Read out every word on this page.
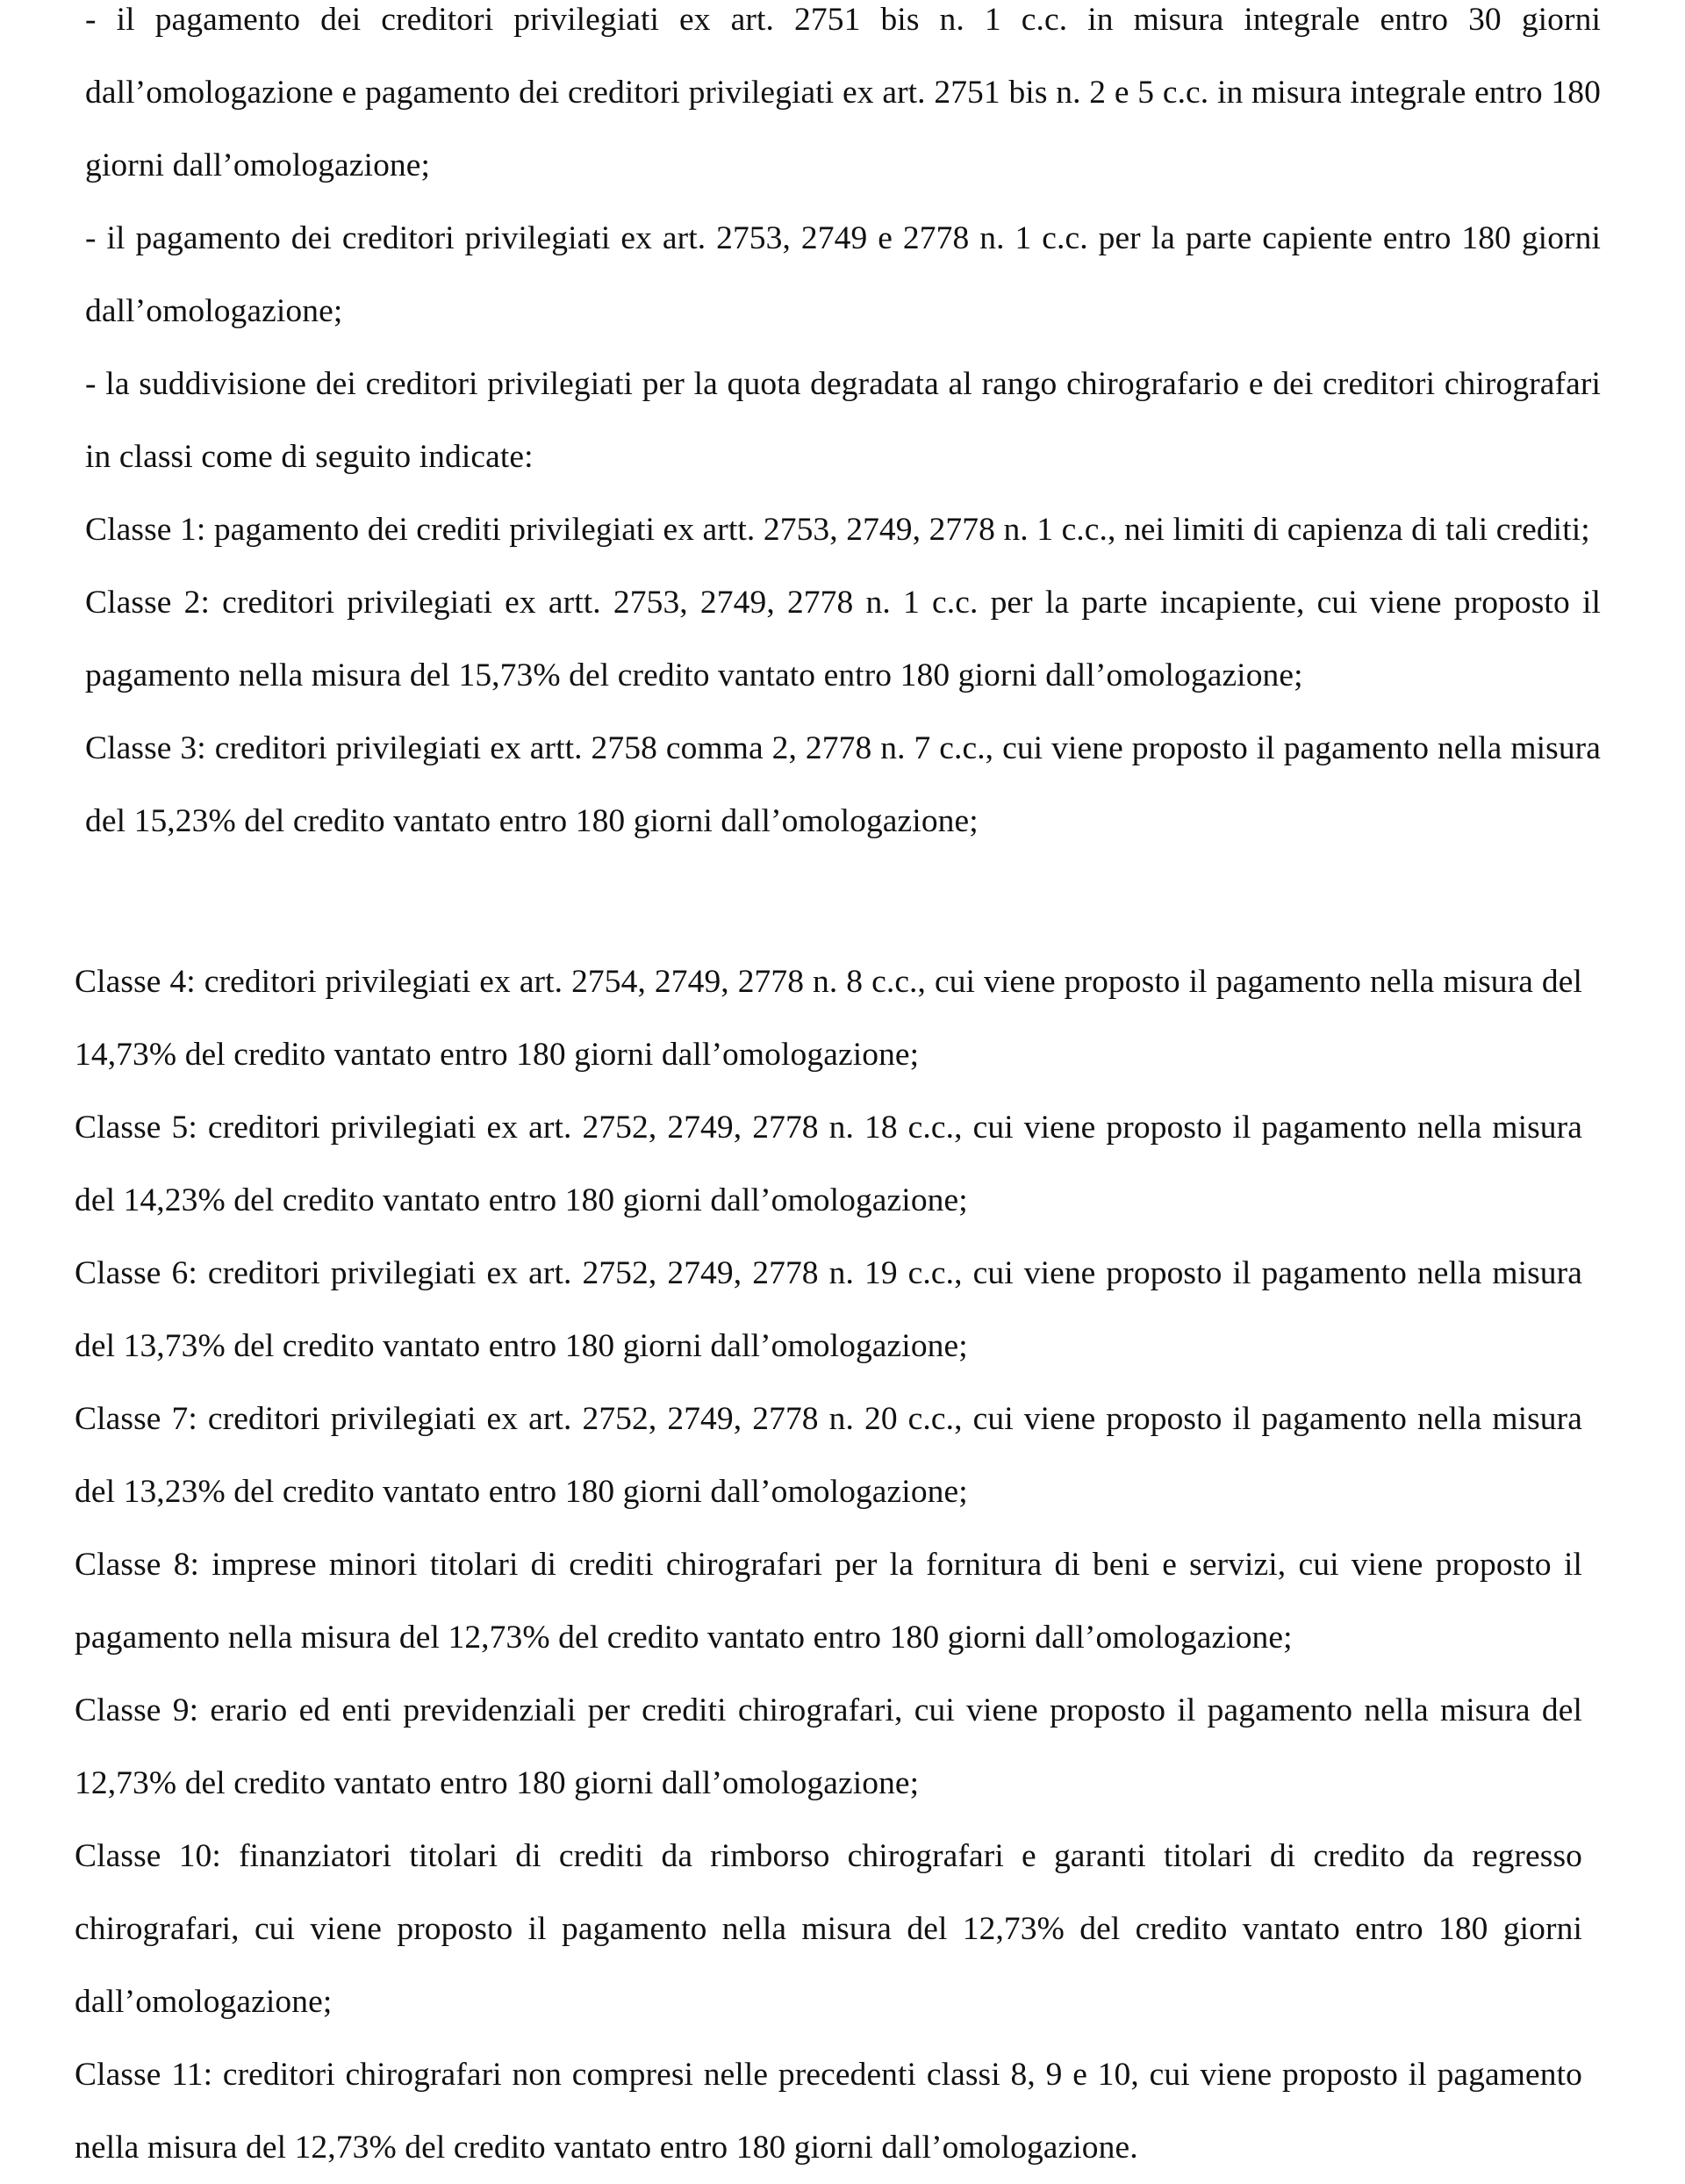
- il pagamento dei creditori privilegiati ex art. 2751 bis n. 1 c.c. in misura integrale entro 30 giorni dall’omologazione e pagamento dei creditori privilegiati ex art. 2751 bis n. 2 e 5 c.c. in misura integrale entro 180 giorni dall’omologazione;

- il pagamento dei creditori privilegiati ex art. 2753, 2749 e 2778 n. 1 c.c. per la parte capiente entro 180 giorni dall’omologazione;

- la suddivisione dei creditori privilegiati per la quota degradata al rango chirografario e dei creditori chirografari in classi come di seguito indicate:

Classe 1: pagamento dei crediti privilegiati ex artt. 2753, 2749, 2778 n. 1 c.c., nei limiti di capienza di tali crediti;

Classe 2: creditori privilegiati ex artt. 2753, 2749, 2778 n. 1 c.c. per la parte incapiente, cui viene proposto il pagamento nella misura del 15,73% del credito vantato entro 180 giorni dall’omologazione;

Classe 3: creditori privilegiati ex artt. 2758 comma 2, 2778 n. 7 c.c., cui viene proposto il pagamento nella misura del 15,23% del credito vantato entro 180 giorni dall’omologazione;

Classe 4: creditori privilegiati ex art. 2754, 2749, 2778 n. 8 c.c., cui viene proposto il pagamento nella misura del 14,73% del credito vantato entro 180 giorni dall’omologazione;

Classe 5: creditori privilegiati ex art. 2752, 2749, 2778 n. 18 c.c., cui viene proposto il pagamento nella misura del 14,23% del credito vantato entro 180 giorni dall’omologazione;

Classe 6: creditori privilegiati ex art. 2752, 2749, 2778 n. 19 c.c., cui viene proposto il pagamento nella misura del 13,73% del credito vantato entro 180 giorni dall’omologazione;

Classe 7: creditori privilegiati ex art. 2752, 2749, 2778 n. 20 c.c., cui viene proposto il pagamento nella misura del 13,23% del credito vantato entro 180 giorni dall’omologazione;

Classe 8: imprese minori titolari di crediti chirografari per la fornitura di beni e servizi, cui viene proposto il pagamento nella misura del 12,73% del credito vantato entro 180 giorni dall’omologazione;

Classe 9: erario ed enti previdenziali per crediti chirografari, cui viene proposto il pagamento nella misura del 12,73% del credito vantato entro 180 giorni dall’omologazione;

Classe 10: finanziatori titolari di crediti da rimborso chirografari e garanti titolari di credito da regresso chirografari, cui viene proposto il pagamento nella misura del 12,73% del credito vantato entro 180 giorni dall’omologazione;

Classe 11: creditori chirografari non compresi nelle precedenti classi 8, 9 e 10, cui viene proposto il pagamento nella misura del 12,73% del credito vantato entro 180 giorni dall’omologazione.
